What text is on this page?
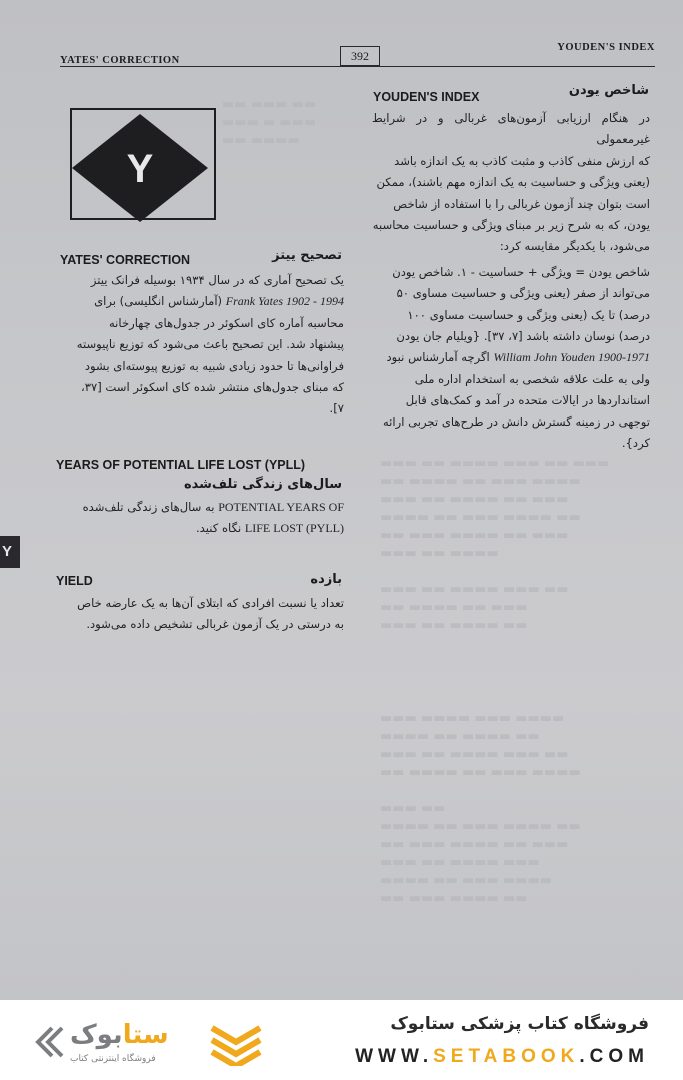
▬▬ ▬▬▬ ▬▬
▬▬▬ ▬ ▬▬▬
▬▬ ▬▬▬▬
▬▬▬ ▬▬ ▬▬▬▬ ▬▬▬ ▬▬ ▬▬▬
▬▬ ▬▬▬▬ ▬▬ ▬▬▬ ▬▬▬▬
▬▬▬ ▬▬ ▬▬▬▬ ▬▬ ▬▬▬
▬▬▬▬ ▬▬ ▬▬▬ ▬▬▬▬ ▬▬
▬▬ ▬▬▬ ▬▬▬▬ ▬▬ ▬▬▬
▬▬▬ ▬▬ ▬▬▬▬

▬▬▬ ▬▬ ▬▬▬▬ ▬▬▬ ▬▬
▬▬ ▬▬▬▬ ▬▬ ▬▬▬
▬▬▬ ▬▬ ▬▬▬▬ ▬▬
▬▬▬ ▬▬▬▬ ▬▬▬ ▬▬▬▬
▬▬▬▬ ▬▬ ▬▬▬▬ ▬▬
▬▬▬ ▬▬ ▬▬▬▬ ▬▬▬ ▬▬
▬▬ ▬▬▬▬ ▬▬ ▬▬▬ ▬▬▬▬

▬▬▬ ▬▬
▬▬▬▬ ▬▬ ▬▬▬ ▬▬▬▬ ▬▬
▬▬ ▬▬▬ ▬▬▬▬ ▬▬ ▬▬▬
▬▬▬ ▬▬ ▬▬▬▬ ▬▬▬
▬▬▬▬ ▬▬ ▬▬▬ ▬▬▬▬
▬▬ ▬▬▬ ▬▬▬▬ ▬▬
YATES' CORRECTION	392
YOUDEN'S INDEX
Y
شاخص یودن
YOUDEN'S INDEX
در هنگام ارزیابی آزمون‌های غربالی و در شرایط غیرمعمولی
که ارزش منفی کاذب و مثبت کاذب به یک اندازه باشد
(یعنی ویژگی و حساسیت به یک اندازه مهم باشند)، ممکن
است بتوان چند آزمون غربالی را با استفاده از شاخص
یودن، که به شرح زیر بر مبنای ویژگی و حساسیت محاسبه
می‌شود، با یکدیگر مقایسه کرد:
شاخص یودن = ویژگی + حساسیت - ۱. شاخص یودن
می‌تواند از صفر (یعنی ویژگی و حساسیت مساوی ۵۰
درصد) تا یک (یعنی ویژگی و حساسیت مساوی ۱۰۰
درصد) نوسان داشته باشد [۷، ۳۷]. {ویلیام جان یودن
William John Youden 1900-1971 اگرچه آمارشناس نبود
ولی به علت علاقه شخصی به استخدام اداره ملی
استانداردها در ایالات متحده در آمد و کمک‌های قابل
توجهی در زمینه گسترش دانش در طرح‌های تجربی ارائه
کرد}.
تصحیح ییتز
YATES' CORRECTION
یک تصحیح آماری که در سال ۱۹۳۴ بوسیله فرانک ییتز
Frank Yates 1902 - 1994 (آمارشناس انگلیسی) برای
محاسبه آماره کای اسکوئر در جدول‌های چهارخانه
پیشنهاد شد. این تصحیح باعث می‌شود که توزیع ناپیوسته
فراوانی‌ها تا حدود زیادی شبیه به توزیع پیوسته‌ای بشود
که مبنای جدول‌های منتشر شده کای اسکوئر است [۳۷،
۷].
YEARS OF POTENTIAL LIFE LOST (YPLL)
سال‌های زندگی تلف‌شده
POTENTIAL YEARS OF به سال‌های زندگی تلف‌شده
LIFE LOST (PYLL) نگاه کنید.
YIELD	بازده
تعداد یا نسبت افرادی که ابتلای آن‌ها به یک عارضه خاص
به درستی در یک آزمون غربالی تشخیص داده می‌شود.
Y
ستابوک
فروشگاه اینترنتی کتاب
فروشگاه کتاب پزشکی ستابوک
WWW.SETABOOK.COM
